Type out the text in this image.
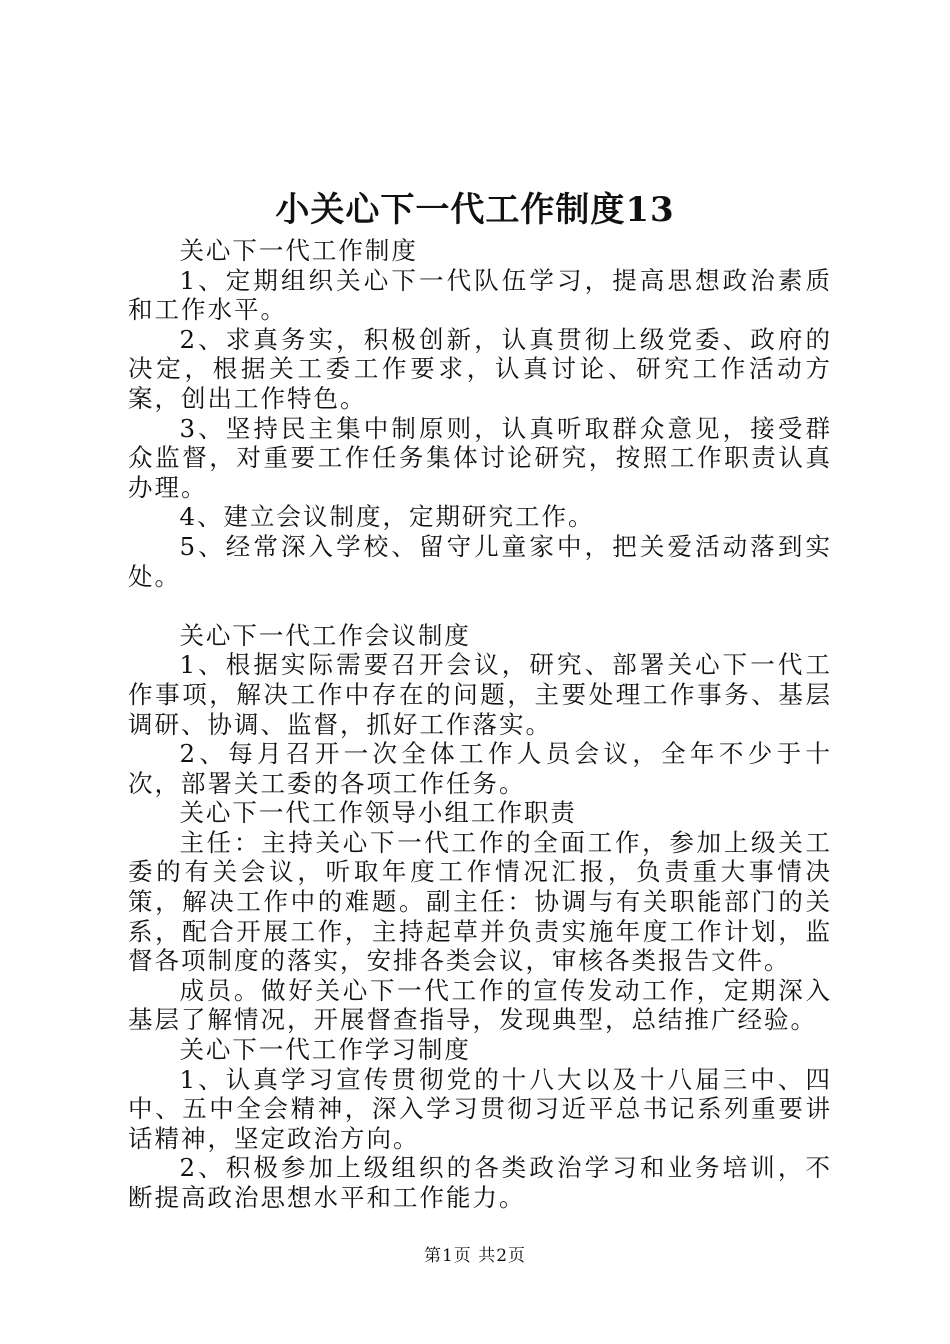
小关心下一代工作制度13

关心下一代工作制度

1、定期组织关心下一代队伍学习，提高思想政治素质和工作水平。

2、求真务实，积极创新，认真贯彻上级党委、政府的决定，根据关工委工作要求，认真讨论、研究工作活动方案，创出工作特色。

3、坚持民主集中制原则，认真听取群众意见，接受群众监督，对重要工作任务集体讨论研究，按照工作职责认真办理。

4、建立会议制度，定期研究工作。

5、经常深入学校、留守儿童家中，把关爱活动落到实处。

关心下一代工作会议制度

1、根据实际需要召开会议，研究、部署关心下一代工作事项，解决工作中存在的问题，主要处理工作事务、基层调研、协调、监督，抓好工作落实。

2、每月召开一次全体工作人员会议，全年不少于十次，部署关工委的各项工作任务。

关心下一代工作领导小组工作职责

主任：主持关心下一代工作的全面工作，参加上级关工委的有关会议，听取年度工作情况汇报，负责重大事情决策，解决工作中的难题。副主任：协调与有关职能部门的关系，配合开展工作，主持起草并负责实施年度工作计划，监督各项制度的落实，安排各类会议，审核各类报告文件。

成员。做好关心下一代工作的宣传发动工作，定期深入基层了解情况，开展督查指导，发现典型，总结推广经验。

关心下一代工作学习制度

1、认真学习宣传贯彻党的十八大以及十八届三中、四中、五中全会精神，深入学习贯彻习近平总书记系列重要讲话精神，坚定政治方向。

2、积极参加上级组织的各类政治学习和业务培训，不断提高政治思想水平和工作能力。

第1页 共2页
